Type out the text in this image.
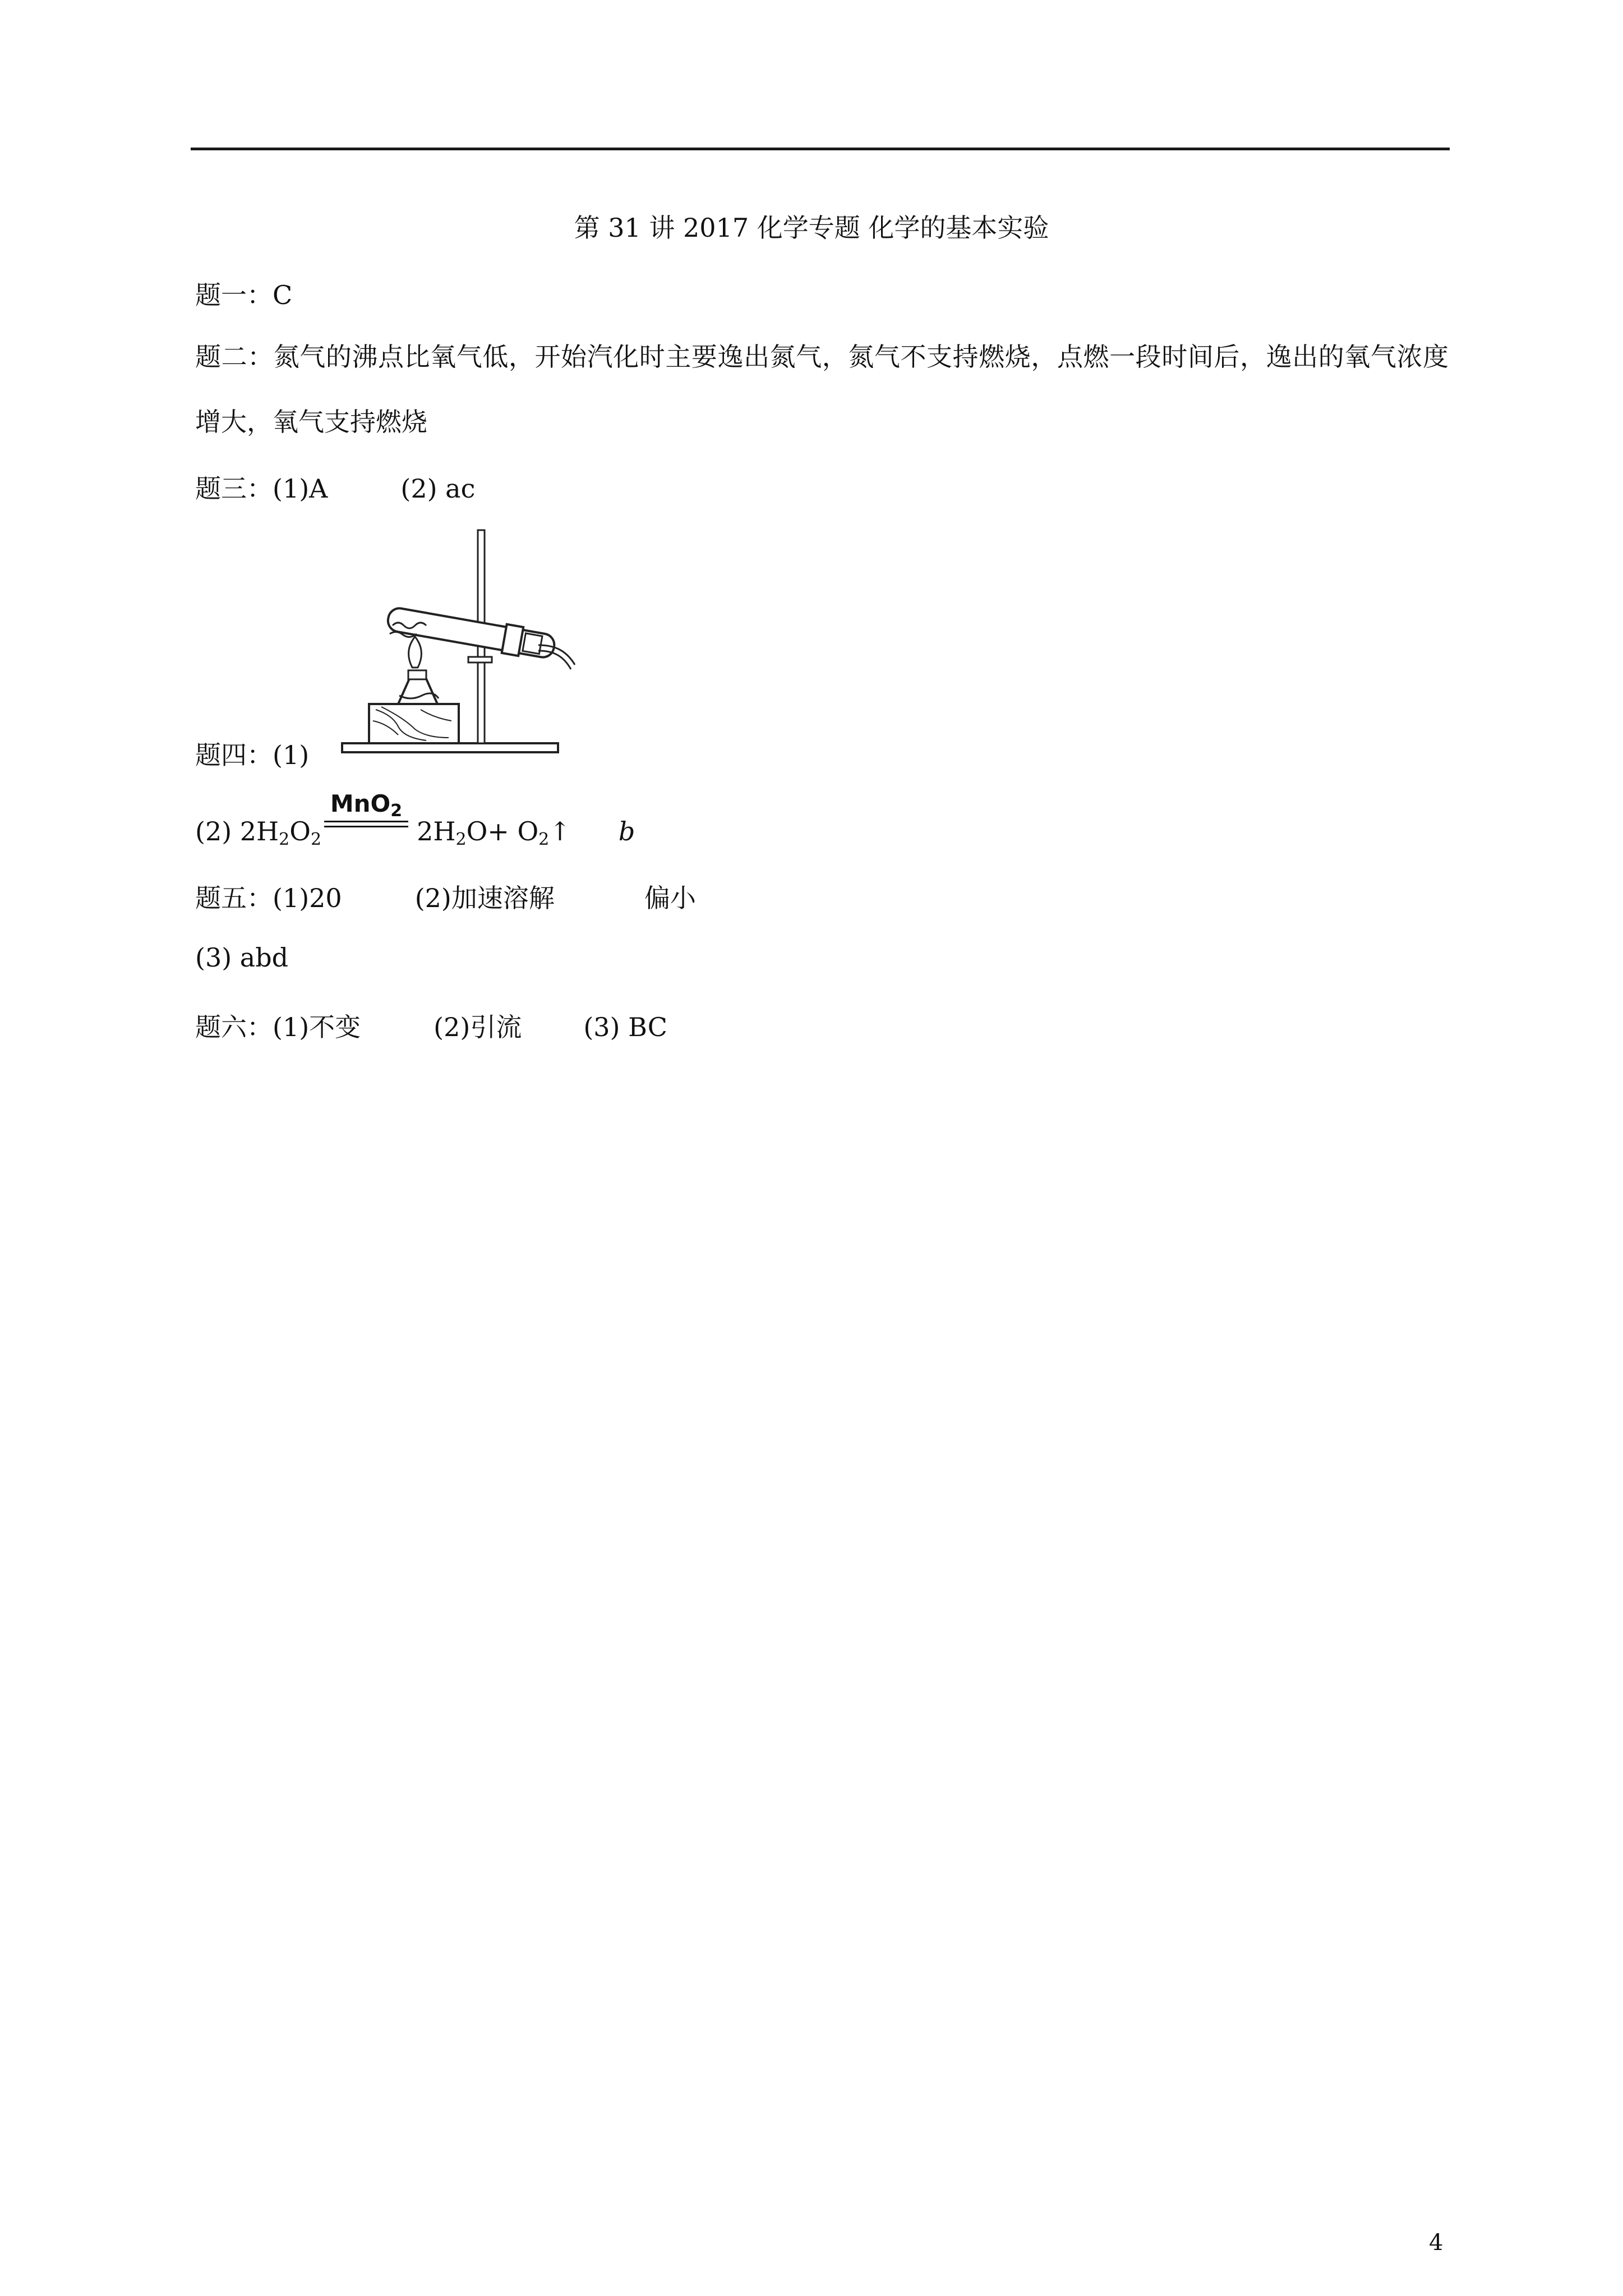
第 31 讲 2017 化学专题 化学的基本实验
题一：C
题二：氮气的沸点比氧气低，开始汽化时主要逸出氮气，氮气不支持燃烧，点燃一段时间后，逸出的氧气浓度增大，氧气支持燃烧
题三：(1)A	(2) ac
题四：(1)
(2) $2H_2O_2$	$2H_2O+$ $O_2↑$ b
MnO$_2$
题五：(1)20	(2)加速溶解	偏小
(3) abd
题六：(1)不变	(2)引流 (3) BC
4
